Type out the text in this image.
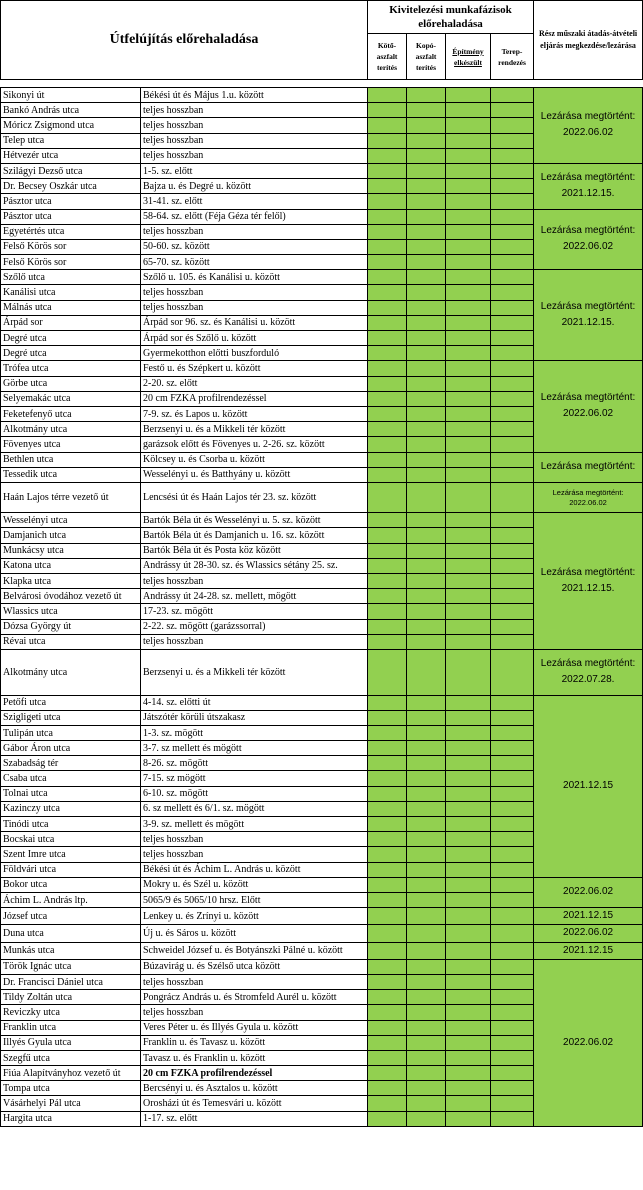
Útfelújítás előrehaladása		Kivitelezési munkafázisok előrehaladása				Rész műszaki átadás-átvételi eljárás megkezdése/lezárása
		Kötő-aszfalt terítés	Kopó-aszfalt terítés	Építmény elkészült	Terep-rendezés	

Sikonyi út	Békési út és Május 1.u. között					Lezárása megtörtént: 2022.06.02
Bankó András utca	teljes hosszban					
Móricz Zsigmond utca	teljes hosszban					
Telep utca	teljes hosszban					
Hétvezér utca	teljes hosszban					
Szilágyi Dezső utca	1-5. sz. előtt					Lezárása megtörtént: 2021.12.15.
Dr. Becsey Oszkár utca	Bajza u. és Degré u. között					
Pásztor utca	31-41. sz. előtt					
Pásztor utca	58-64. sz. előtt (Féja Géza tér felől)					Lezárása megtörtént: 2022.06.02
Egyetértés utca	teljes hosszban					
Felső Körös sor	50-60. sz. között					
Felső Körös sor	65-70. sz. között					
Szőlő utca	Szőlő u. 105. és Kanálisi u. között					Lezárása megtörtént: 2021.12.15.
Kanálisi utca	teljes hosszban					
Málnás utca	teljes hosszban					
Árpád sor	Árpád sor 96. sz. és Kanálisi u. között					
Degré utca	Árpád sor és Szőlő u. között					
Degré utca	Gyermekotthon előtti buszforduló					
Trófea utca	Festő u. és Szépkert u. között					Lezárása megtörtént: 2022.06.02
Görbe utca	2-20. sz. előtt					
Selyemakác utca	20 cm FZKA profilrendezéssel					
Feketefenyő utca	7-9. sz. és Lapos u. között					
Alkotmány utca	Berzsenyi u. és a Mikkeli tér között					
Fövenyes utca	garázsok előtt és Fövenyes u. 2-26. sz. között					
Bethlen utca	Kölcsey u. és Csorba u. között					Lezárása megtörtént:
Tessedik utca	Wesselényi u. és Batthyány u. között					
Haán Lajos térre vezető út	Lencsési út és Haán Lajos tér 23. sz. között					Lezárása megtörtént: 2022.06.02
Wesselényi utca	Bartók Béla út és Wesselényi u. 5. sz. között					Lezárása megtörtént: 2021.12.15.
Damjanich utca	Bartók Béla út és Damjanich u. 16. sz. között					
Munkácsy utca	Bartók Béla út és Posta köz között					
Katona utca	Andrássy út 28-30. sz. és Wlassics sétány 25. sz.					
Klapka utca	teljes hosszban					
Belvárosi óvodához vezető út	Andrássy út 24-28. sz. mellett, mögött					
Wlassics utca	17-23. sz. mögött					
Dózsa György út	2-22. sz. mögött (garázssorral)					
Révai utca	teljes hosszban					
Alkotmány utca	Berzsenyi u. és a Mikkeli tér között					Lezárása megtörtént: 2022.07.28.
Petőfi utca	4-14. sz. előtti út					2021.12.15
Szigligeti utca	Játszótér körüli útszakasz					
Tulipán utca	1-3. sz. mögött					
Gábor Áron utca	3-7. sz mellett és mögött					
Szabadság tér	8-26. sz. mögött					
Csaba utca	7-15. sz mögött					
Tolnai utca	6-10. sz. mögött					
Kazinczy utca	6. sz mellett és 6/1. sz. mögött					
Tinódi utca	3-9. sz. mellett és mögött					
Bocskai utca	teljes hosszban					
Szent Imre utca	teljes hosszban					
Földvári utca	Békési út és Áchim L. András u. között					
Bokor utca	Mokry u. és Szél u. között					2022.06.02
Áchim L. András ltp.	5065/9 és 5065/10 hrsz. Előtt					
József utca	Lenkey u. és Zrínyi u. között					2021.12.15
Duna utca	Új u. és Sáros u. között					2022.06.02
Munkás utca	Schweidel József u. és Botyánszki Pálné u. között					2021.12.15
Török Ignác utca	Búzavirág u. és Szélső utca között					2022.06.02
Dr. Francisci Dániel utca	teljes hosszban					
Tildy Zoltán utca	Pongrácz András u. és Stromfeld Aurél u. között					
Reviczky utca	teljes hosszban					
Franklin utca	Veres Péter u. és Illyés Gyula u. között					
Illyés Gyula utca	Franklin u. és Tavasz u. között					
Szegfű utca	Tavasz u. és Franklin u. között					
Fiúa Alapítványhoz vezető út	20 cm FZKA profilrendezéssel					
Tompa utca	Bercsényi u. és Asztalos u. között					
Vásárhelyi Pál utca	Orosházi út és Temesvári u. között					
Hargita utca	1-17. sz. előtt					
